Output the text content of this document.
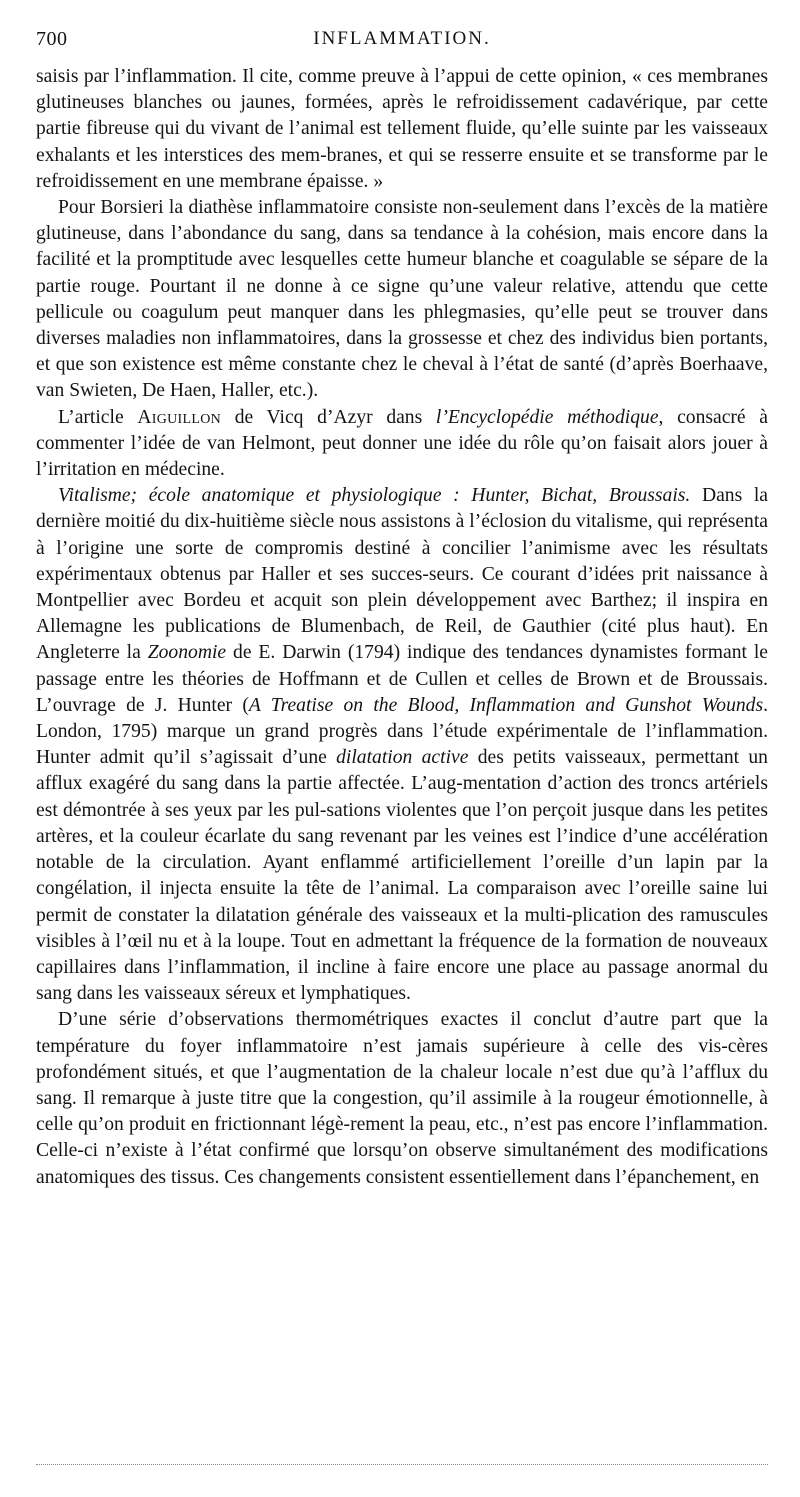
700	INFLAMMATION.

saisis par l’inflammation. Il cite, comme preuve à l’appui de cette opinion, « ces membranes glutineuses blanches ou jaunes, formées, après le refroidissement cadavérique, par cette partie fibreuse qui du vivant de l’animal est tellement fluide, qu’elle suinte par les vaisseaux exhalants et les interstices des mem-branes, et qui se resserre ensuite et se transforme par le refroidissement en une membrane épaisse. »

Pour Borsieri la diathèse inflammatoire consiste non-seulement dans l’excès de la matière glutineuse, dans l’abondance du sang, dans sa tendance à la cohésion, mais encore dans la facilité et la promptitude avec lesquelles cette humeur blanche et coagulable se sépare de la partie rouge. Pourtant il ne donne à ce signe qu’une valeur relative, attendu que cette pellicule ou coagulum peut manquer dans les phlegmasies, qu’elle peut se trouver dans diverses maladies non inflammatoires, dans la grossesse et chez des individus bien portants, et que son existence est même constante chez le cheval à l’état de santé (d’après Boerhaave, van Swieten, De Haen, Haller, etc.).

L’article Aiguillon de Vicq d’Azyr dans l’Encyclopédie méthodique, consacré à commenter l’idée de van Helmont, peut donner une idée du rôle qu’on faisait alors jouer à l’irritation en médecine.

Vitalisme; école anatomique et physiologique : Hunter, Bichat, Broussais. Dans la dernière moitié du dix-huitième siècle nous assistons à l’éclosion du vitalisme, qui représenta à l’origine une sorte de compromis destiné à concilier l’animisme avec les résultats expérimentaux obtenus par Haller et ses succes-seurs. Ce courant d’idées prit naissance à Montpellier avec Bordeu et acquit son plein développement avec Barthez; il inspira en Allemagne les publications de Blumenbach, de Reil, de Gauthier (cité plus haut). En Angleterre la Zoonomie de E. Darwin (1794) indique des tendances dynamistes formant le passage entre les théories de Hoffmann et de Cullen et celles de Brown et de Broussais. L’ouvrage de J. Hunter (A Treatise on the Blood, Inflammation and Gunshot Wounds. London, 1795) marque un grand progrès dans l’étude expérimentale de l’inflammation. Hunter admit qu’il s’agissait d’une dilatation active des petits vaisseaux, permettant un afflux exagéré du sang dans la partie affectée. L’aug-mentation d’action des troncs artériels est démontrée à ses yeux par les pul-sations violentes que l’on perçoit jusque dans les petites artères, et la couleur écarlate du sang revenant par les veines est l’indice d’une accélération notable de la circulation. Ayant enflammé artificiellement l’oreille d’un lapin par la congélation, il injecta ensuite la tête de l’animal. La comparaison avec l’oreille saine lui permit de constater la dilatation générale des vaisseaux et la multi-plication des ramuscules visibles à l’œil nu et à la loupe. Tout en admettant la fréquence de la formation de nouveaux capillaires dans l’inflammation, il incline à faire encore une place au passage anormal du sang dans les vaisseaux séreux et lymphatiques.

D’une série d’observations thermométriques exactes il conclut d’autre part que la température du foyer inflammatoire n’est jamais supérieure à celle des vis-cères profondément situés, et que l’augmentation de la chaleur locale n’est due qu’à l’afflux du sang. Il remarque à juste titre que la congestion, qu’il assimile à la rougeur émotionnelle, à celle qu’on produit en frictionnant légè-rement la peau, etc., n’est pas encore l’inflammation. Celle-ci n’existe à l’état confirmé que lorsqu’on observe simultanément des modifications anatomiques des tissus. Ces changements consistent essentiellement dans l’épanchement, en
